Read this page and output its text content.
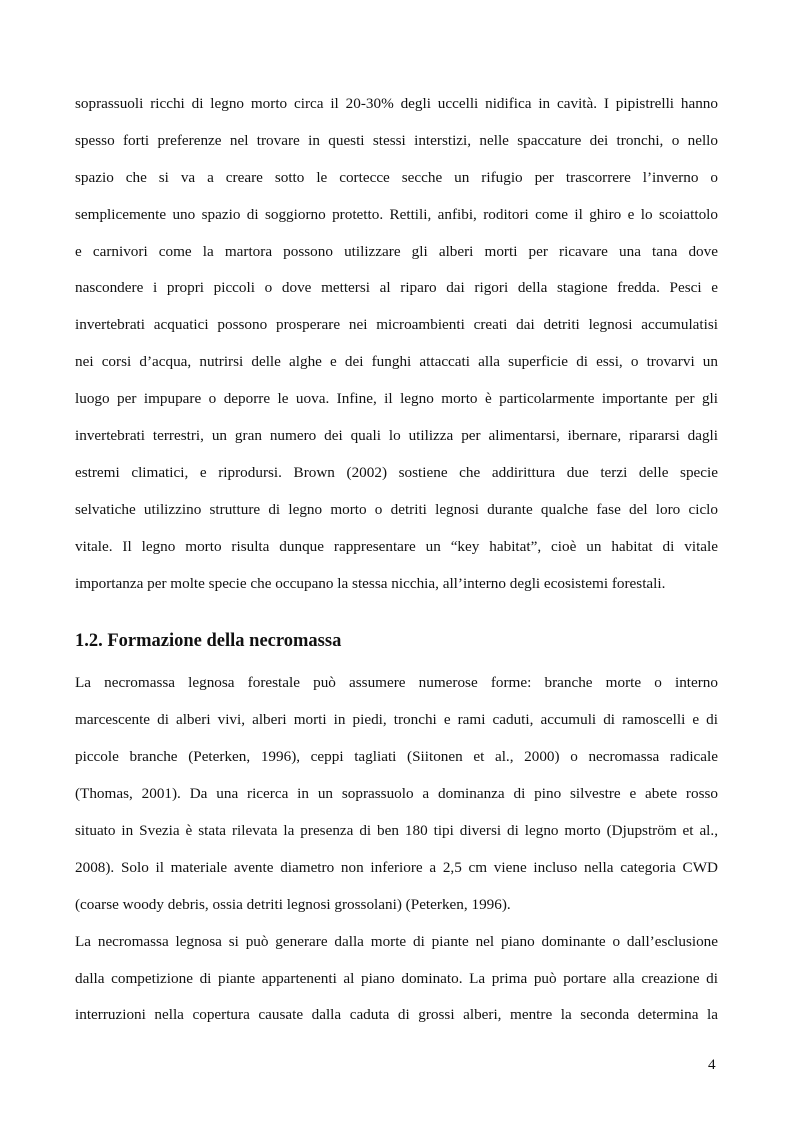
soprassuoli ricchi di legno morto circa il 20-30% degli uccelli nidifica in cavità. I pipistrelli hanno
spesso forti preferenze nel trovare in questi stessi interstizi, nelle spaccature dei tronchi, o nello
spazio che si va a creare sotto le cortecce secche un rifugio per trascorrere l’inverno o
semplicemente uno spazio di soggiorno protetto. Rettili, anfibi, roditori come il ghiro e lo scoiattolo
e carnivori come la martora possono utilizzare gli alberi morti per ricavare una tana dove
nascondere i propri piccoli o dove mettersi al riparo dai rigori della stagione fredda. Pesci e
invertebrati acquatici possono prosperare nei microambienti creati dai detriti legnosi accumulatisi
nei corsi d’acqua, nutrirsi delle alghe e dei funghi attaccati alla superficie di essi, o trovarvi un
luogo per impupare o deporre le uova. Infine, il legno morto è particolarmente importante per gli
invertebrati terrestri, un gran numero dei quali lo utilizza per alimentarsi, ibernare, ripararsi dagli
estremi climatici, e riprodursi. Brown (2002) sostiene che addirittura due terzi delle specie
selvatiche utilizzino strutture di legno morto o detriti legnosi durante qualche fase del loro ciclo
vitale. Il legno morto risulta dunque rappresentare un “key habitat”, cioè un habitat di vitale
importanza per molte specie che occupano la stessa nicchia, all’interno degli ecosistemi forestali.
1.2. Formazione della necromassa
La necromassa legnosa forestale può assumere numerose forme: branche morte o interno
marcescente di alberi vivi, alberi morti in piedi, tronchi e rami caduti, accumuli di ramoscelli e di
piccole branche (Peterken, 1996), ceppi tagliati (Siitonen et al., 2000) o necromassa radicale
(Thomas, 2001). Da una ricerca in un soprassuolo a dominanza di pino silvestre e abete rosso
situato in Svezia è stata rilevata la presenza di ben 180 tipi diversi di legno morto (Djupström et al.,
2008). Solo il materiale avente diametro non inferiore a 2,5 cm viene incluso nella categoria CWD
(coarse woody debris, ossia detriti legnosi grossolani) (Peterken, 1996).
La necromassa legnosa si può generare dalla morte di piante nel piano dominante o dall’esclusione
dalla competizione di piante appartenenti al piano dominato. La prima può portare alla creazione di
interruzioni nella copertura causate dalla caduta di grossi alberi, mentre la seconda determina la
4
